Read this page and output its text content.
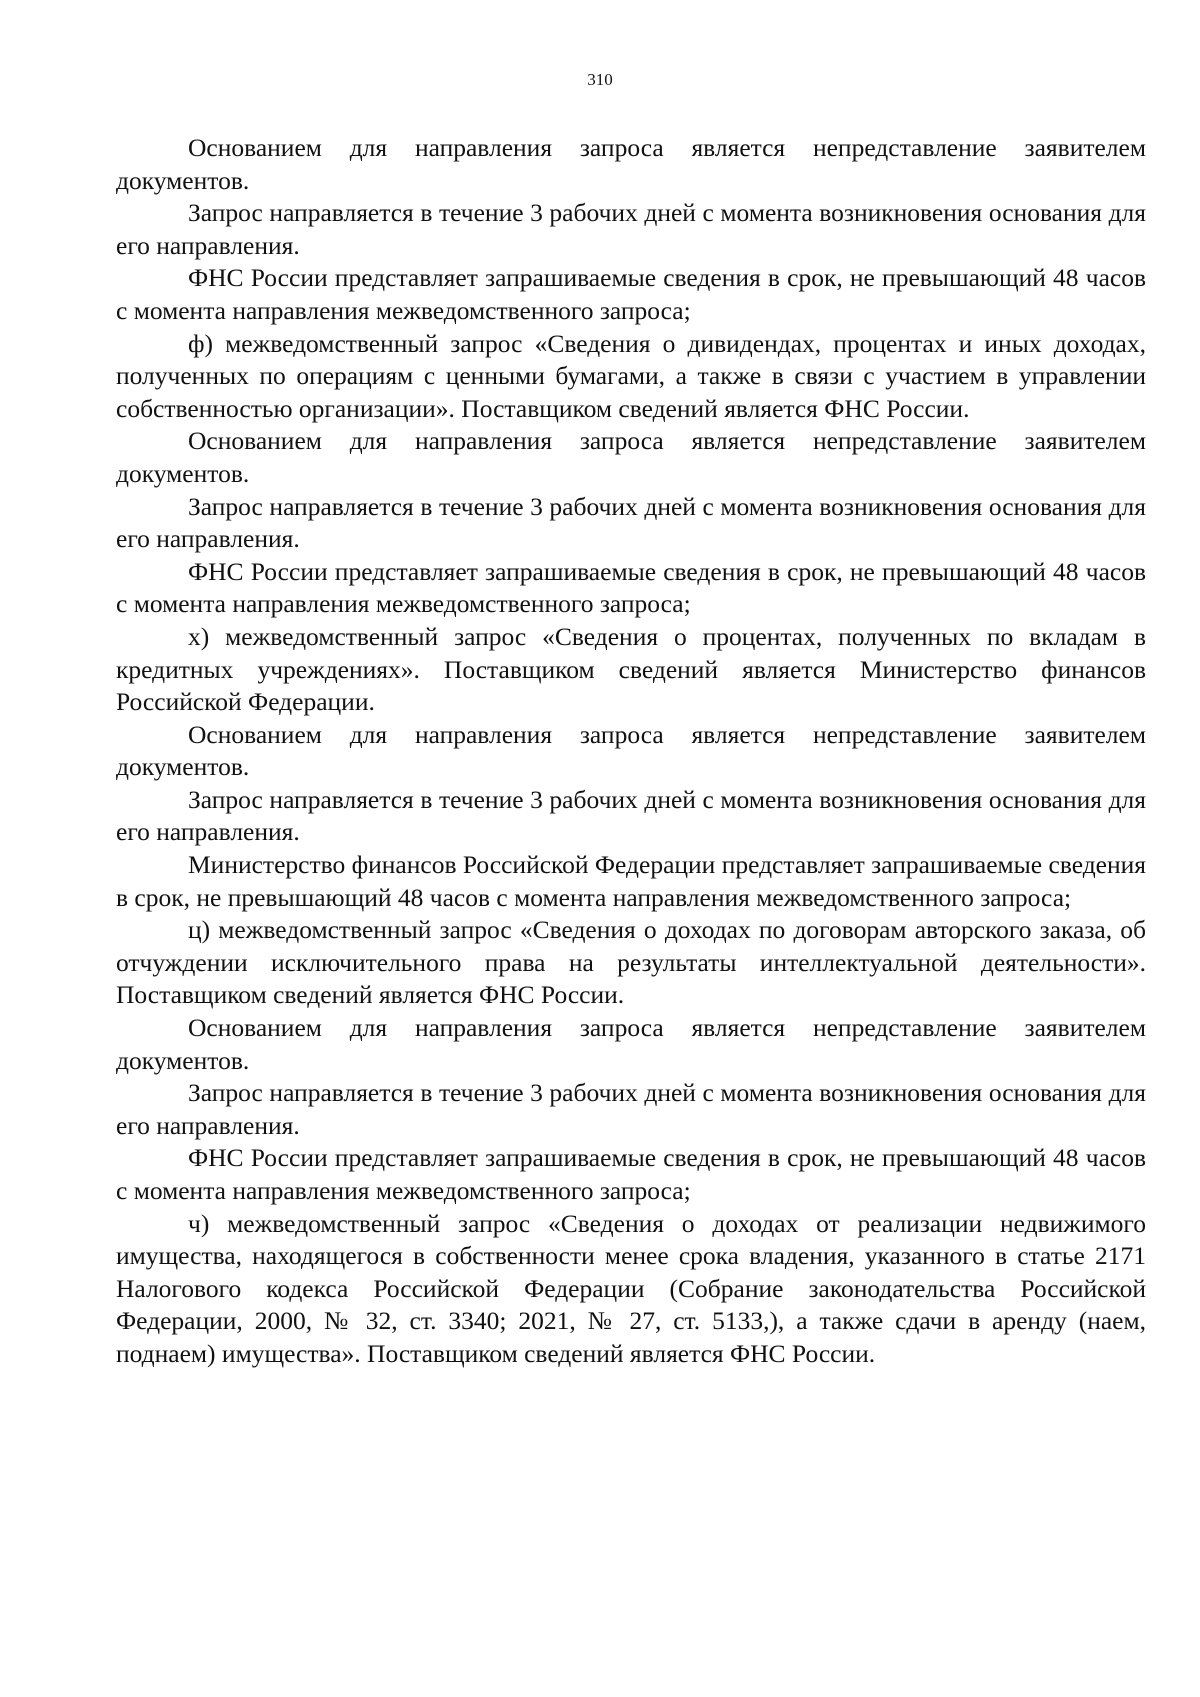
310

Основанием для направления запроса является непредставление заявителем документов.

Запрос направляется в течение 3 рабочих дней с момента возникновения основания для его направления.

ФНС России представляет запрашиваемые сведения в срок, не превышающий 48 часов с момента направления межведомственного запроса;

ф) межведомственный запрос «Сведения о дивидендах, процентах и иных доходах, полученных по операциям с ценными бумагами, а также в связи с участием в управлении собственностью организации». Поставщиком сведений является ФНС России.

Основанием для направления запроса является непредставление заявителем документов.

Запрос направляется в течение 3 рабочих дней с момента возникновения основания для его направления.

ФНС России представляет запрашиваемые сведения в срок, не превышающий 48 часов с момента направления межведомственного запроса;

х) межведомственный запрос «Сведения о процентах, полученных по вкладам в кредитных учреждениях». Поставщиком сведений является Министерство финансов Российской Федерации.

Основанием для направления запроса является непредставление заявителем документов.

Запрос направляется в течение 3 рабочих дней с момента возникновения основания для его направления.

Министерство финансов Российской Федерации представляет запрашиваемые сведения в срок, не превышающий 48 часов с момента направления межведомственного запроса;

ц) межведомственный запрос «Сведения о доходах по договорам авторского заказа, об отчуждении исключительного права на результаты интеллектуальной деятельности». Поставщиком сведений является ФНС России.

Основанием для направления запроса является непредставление заявителем документов.

Запрос направляется в течение 3 рабочих дней с момента возникновения основания для его направления.

ФНС России представляет запрашиваемые сведения в срок, не превышающий 48 часов с момента направления межведомственного запроса;

ч) межведомственный запрос «Сведения о доходах от реализации недвижимого имущества, находящегося в собственности менее срока владения, указанного в статье 2171 Налогового кодекса Российской Федерации (Собрание законодательства Российской Федерации, 2000, № 32, ст. 3340; 2021, № 27, ст. 5133,), а также сдачи в аренду (наем, поднаем) имущества». Поставщиком сведений является ФНС России.
